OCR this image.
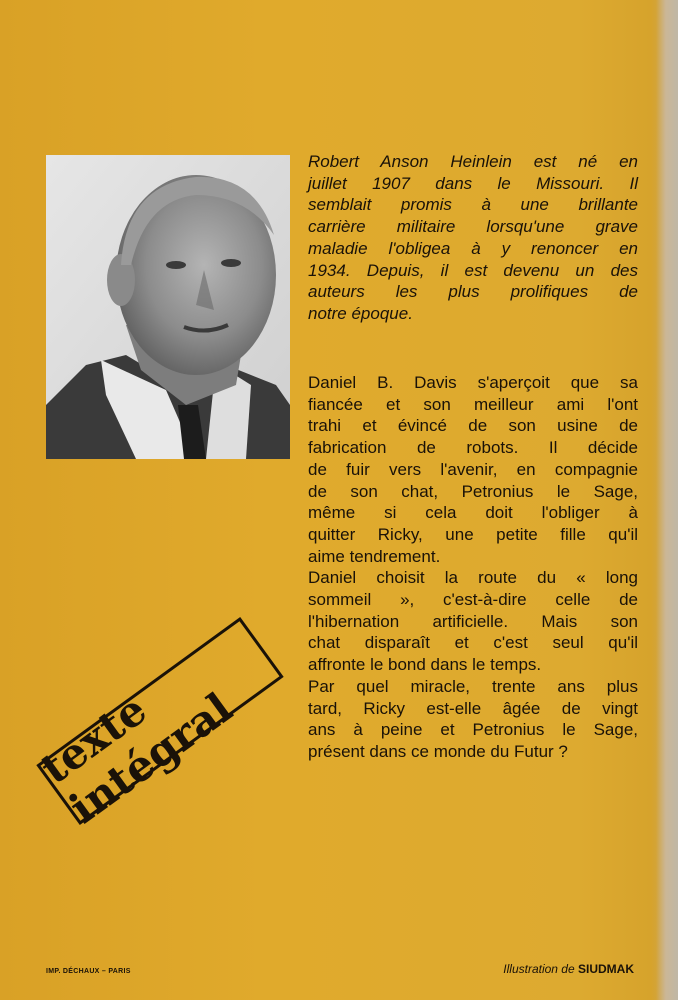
Robert Anson Heinlein est né en
juillet 1907 dans le Missouri. Il
semblait promis à une brillante
carrière militaire lorsqu'une grave
maladie l'obligea à y renoncer en
1934. Depuis, il est devenu un des
auteurs les plus prolifiques de
notre époque.
Daniel B. Davis s'aperçoit que sa
fiancée et son meilleur ami l'ont
trahi et évincé de son usine de
fabrication de robots. Il décide
de fuir vers l'avenir, en compagnie
de son chat, Petronius le Sage,
même si cela doit l'obliger à
quitter Ricky, une petite fille qu'il
aime tendrement.
Daniel choisit la route du « long
sommeil », c'est-à-dire celle de
l'hibernation artificielle. Mais son
chat disparaît et c'est seul qu'il
affronte le bond dans le temps.
Par quel miracle, trente ans plus
tard, Ricky est-elle âgée de vingt
ans à peine et Petronius le Sage,
présent dans ce monde du Futur ?
texte intégral
IMP. DÉCHAUX – PARIS	Illustration de SIUDMAK
